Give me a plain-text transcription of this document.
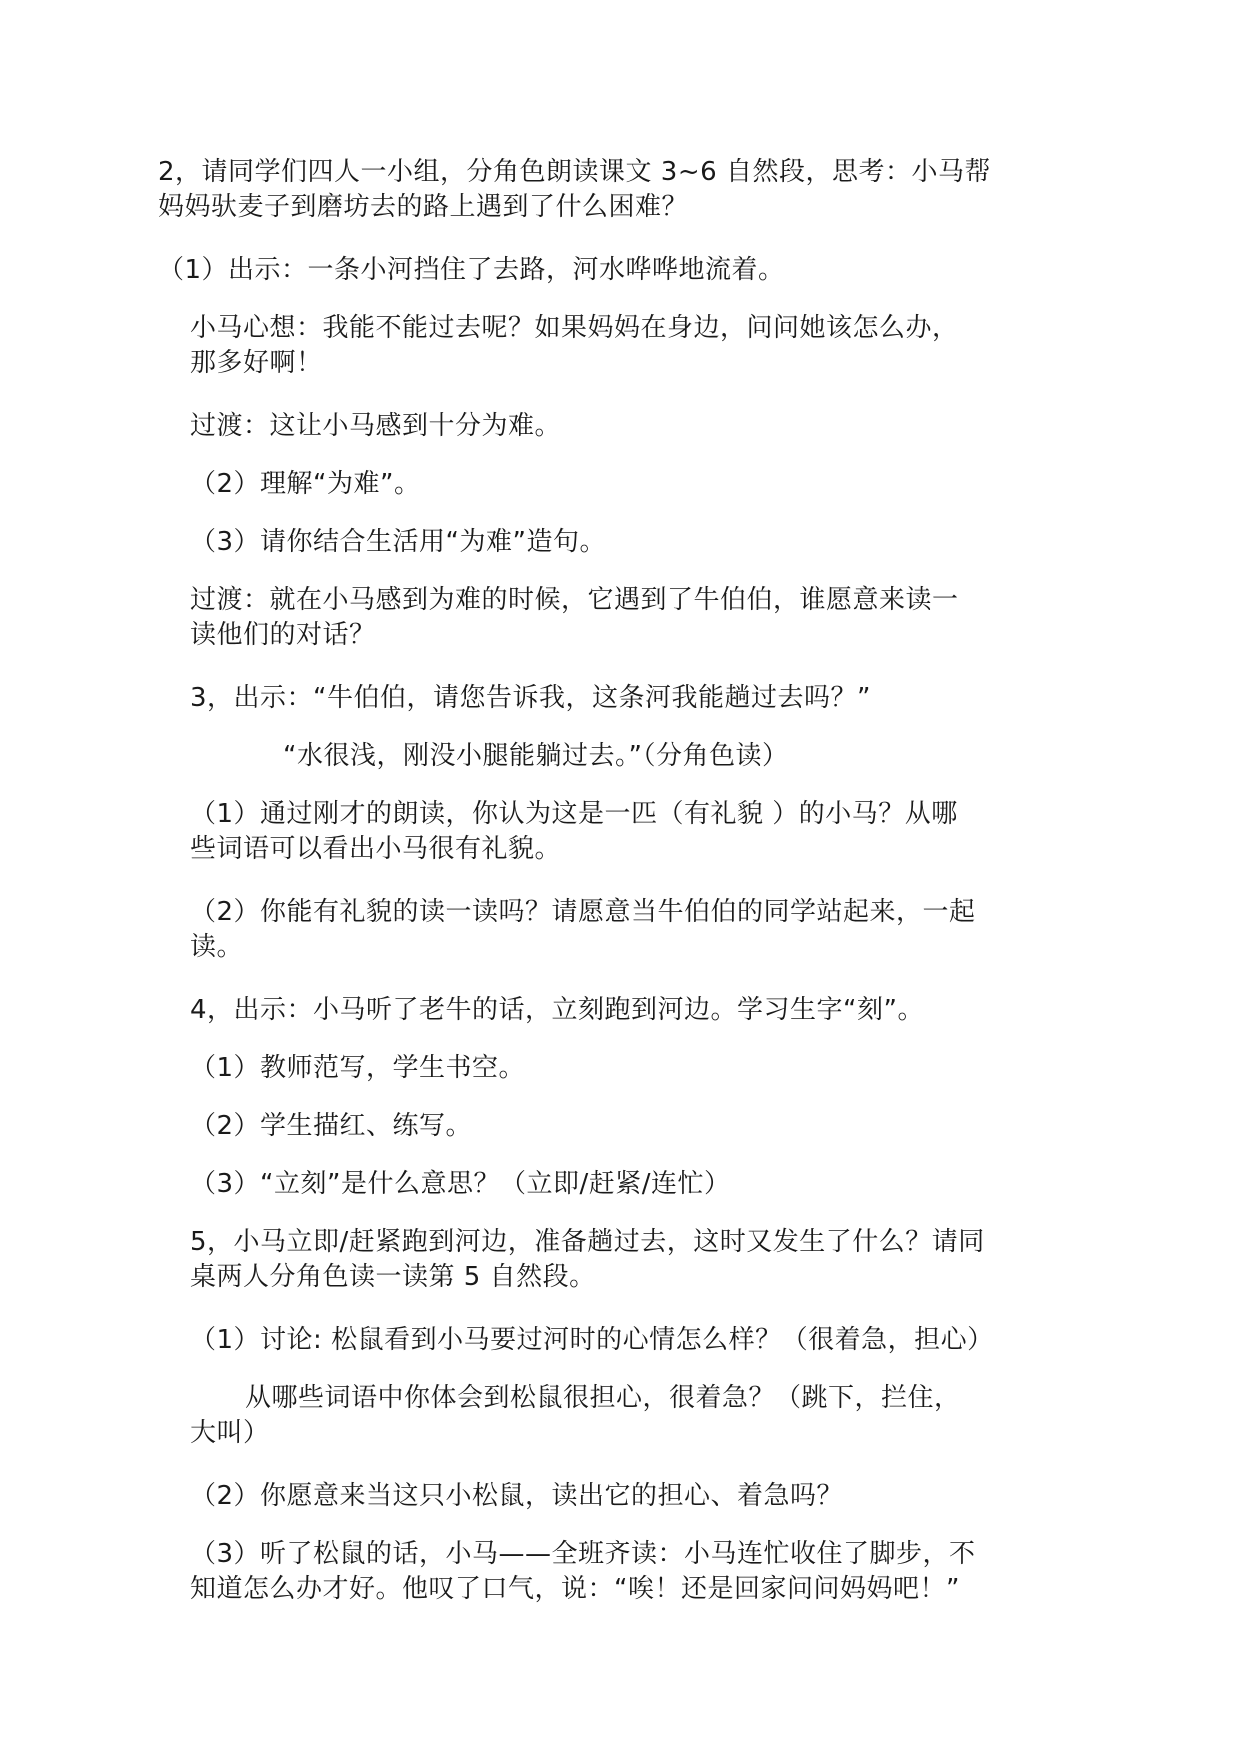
2，请同学们四人一小组，分角色朗读课文 3~6 自然段，思考：小马帮
妈妈驮麦子到磨坊去的路上遇到了什么困难？
（1）出示：一条小河挡住了去路，河水哗哗地流着。
小马心想：我能不能过去呢？如果妈妈在身边，问问她该怎么办，
那多好啊！
过渡：这让小马感到十分为难。
（2）理解“为难”。
（3）请你结合生活用“为难”造句。
过渡：就在小马感到为难的时候，它遇到了牛伯伯，谁愿意来读一
读他们的对话？
3，出示：“牛伯伯，请您告诉我，这条河我能趟过去吗？”
“水很浅，刚没小腿能躺过去。”（分角色读）
（1）通过刚才的朗读，你认为这是一匹（有礼貌 ）的小马？从哪
些词语可以看出小马很有礼貌。
（2）你能有礼貌的读一读吗？请愿意当牛伯伯的同学站起来，一起
读。
4，出示：小马听了老牛的话，立刻跑到河边。学习生字“刻”。
（1）教师范写，学生书空。
（2）学生描红、练写。
（3）“立刻”是什么意思？（立即/赶紧/连忙）
5，小马立即/赶紧跑到河边，准备趟过去，这时又发生了什么？请同
桌两人分角色读一读第 5 自然段。
（1）讨论: 松鼠看到小马要过河时的心情怎么样？（很着急，担心）
从哪些词语中你体会到松鼠很担心，很着急？（跳下，拦住，
大叫）
（2）你愿意来当这只小松鼠，读出它的担心、着急吗？
（3）听了松鼠的话，小马——全班齐读：小马连忙收住了脚步，不
知道怎么办才好。他叹了口气，说：“唉！还是回家问问妈妈吧！”
